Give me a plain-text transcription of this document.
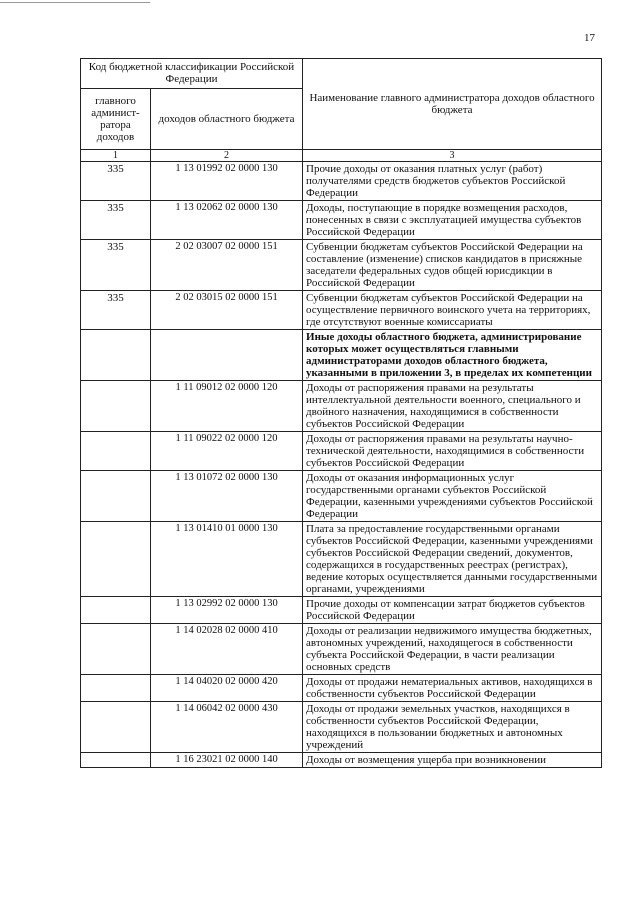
17
Код бюджетной классификации Российской Федерации		Наименование главного администратора доходов областного бюджета
главного админист-ратора доходов	доходов областного бюджета	
1	2	3
335	1 13 01992 02 0000 130	Прочие доходы от оказания платных услуг (работ) получателями средств бюджетов субъектов Российской Федерации
335	1 13 02062 02 0000 130	Доходы, поступающие в порядке возмещения расходов, понесенных в связи с эксплуатацией имущества субъектов Российской Федерации
335	2 02 03007 02 0000 151	Субвенции бюджетам субъектов Российской Федерации на составление (изменение) списков кандидатов в присяжные заседатели федеральных судов общей юрисдикции в Российской Федерации
335	2 02 03015 02 0000 151	Субвенции бюджетам субъектов Российской Федерации на осуществление первичного воинского учета на территориях, где отсутствуют военные комиссариаты
		Иные доходы областного бюджета, администрирование которых может осуществляться главными администраторами доходов областного бюджета, указанными в приложении 3, в пределах их компетенции
	1 11 09012 02 0000 120	Доходы от распоряжения правами на результаты интеллектуальной деятельности военного, специального и двойного назначения, находящимися в собственности субъектов Российской Федерации
	1 11 09022 02 0000 120	Доходы от распоряжения правами на результаты научно-технической деятельности, находящимися в собственности субъектов Российской Федерации
	1 13 01072 02 0000 130	Доходы от оказания информационных услуг государственными органами субъектов Российской Федерации, казенными учреждениями субъектов Российской Федерации
	1 13 01410 01 0000 130	Плата за предоставление государственными органами субъектов Российской Федерации, казенными учреждениями субъектов Российской Федерации сведений, документов, содержащихся в государственных реестрах (регистрах), ведение которых осуществляется данными государственными органами, учреждениями
	1 13 02992 02 0000 130	Прочие доходы от компенсации затрат бюджетов субъектов Российской Федерации
	1 14 02028 02 0000 410	Доходы от реализации недвижимого имущества бюджетных, автономных учреждений, находящегося в собственности субъекта Российской Федерации, в части реализации основных средств
	1 14 04020 02 0000 420	Доходы от продажи нематериальных активов, находящихся в собственности субъектов Российской Федерации
	1 14 06042 02 0000 430	Доходы от продажи земельных участков, находящихся в собственности субъектов Российской Федерации, находящихся в пользовании бюджетных и автономных учреждений
	1 16 23021 02 0000 140	Доходы от возмещения ущерба при возникновении
